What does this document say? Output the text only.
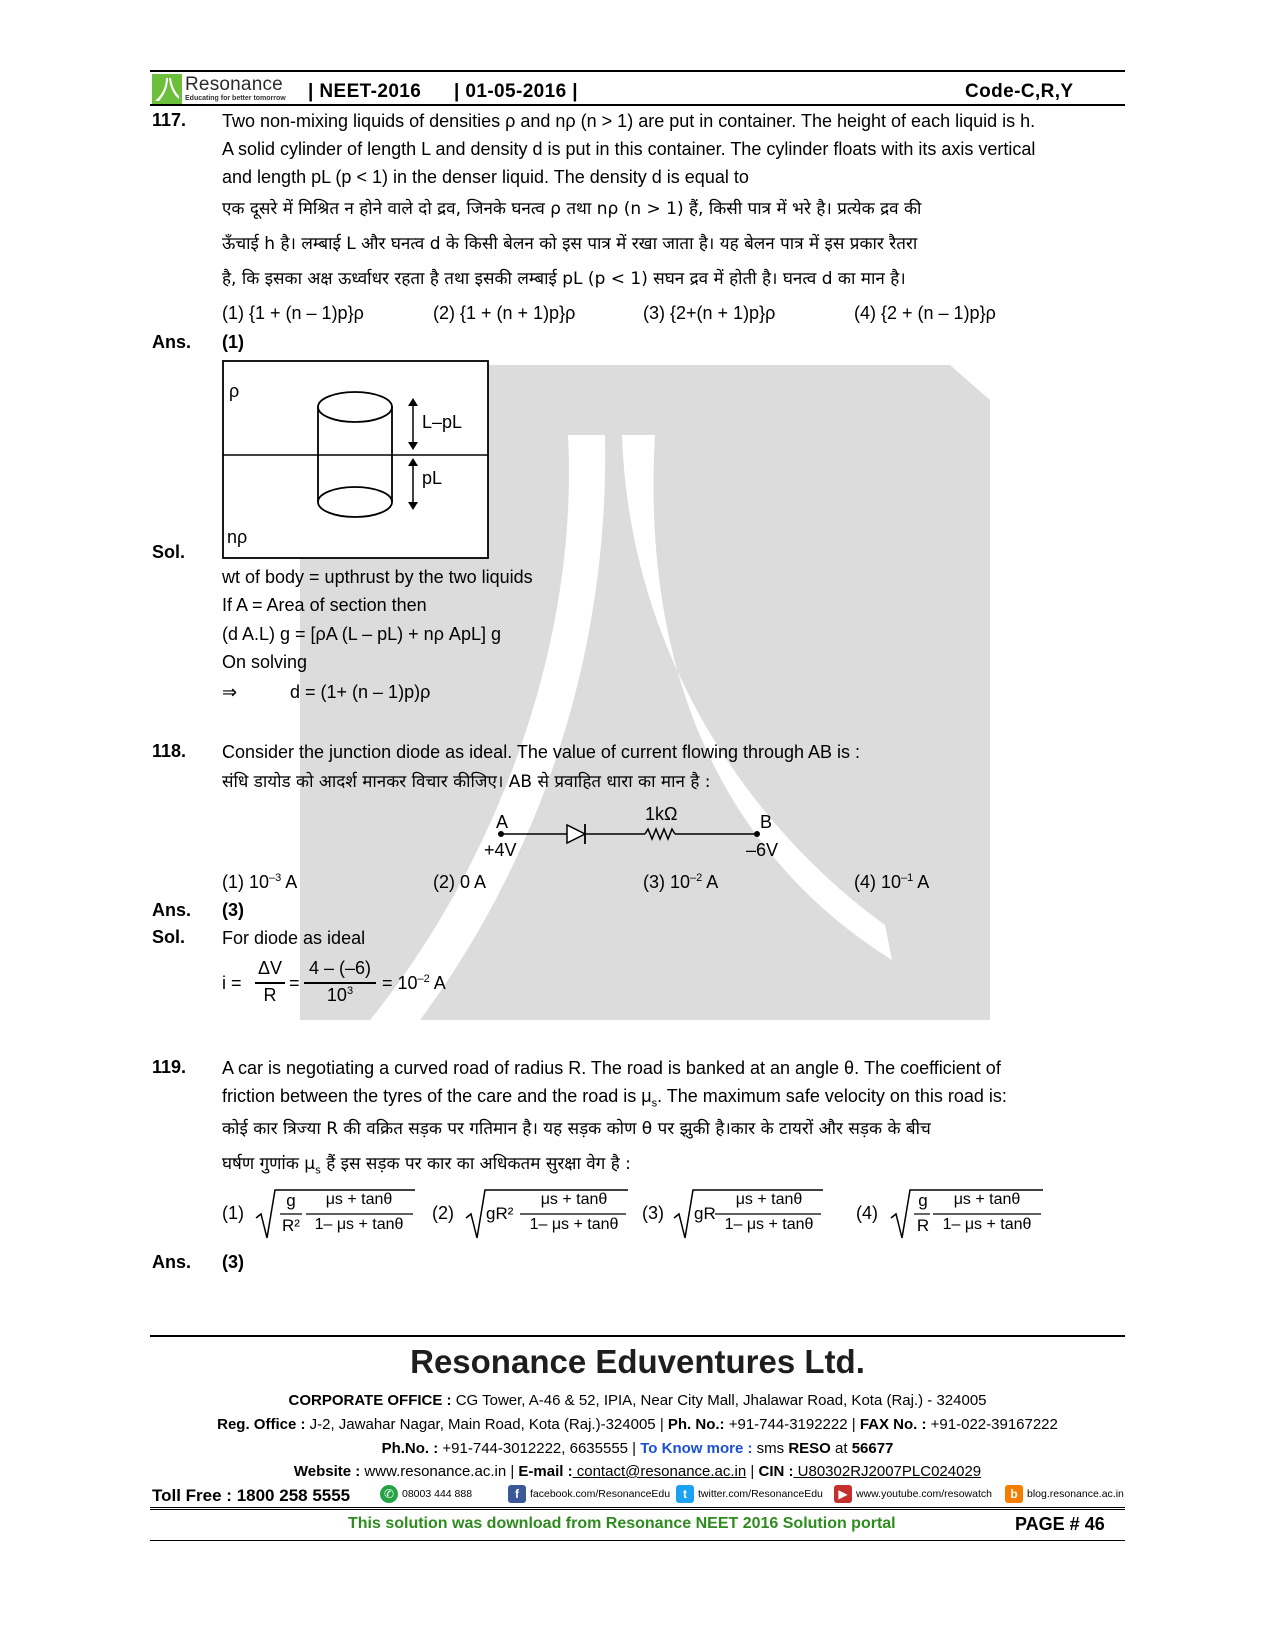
Resonance
Educating for better tomorrow | NEET-2016 | 01-05-2016 |	Code-C,R,Y
117. Two non-mixing liquids of densities ρ and nρ (n > 1) are put in container. The height of each liquid is h.
A solid cylinder of length L and density d is put in this container. The cylinder floats with its axis vertical
and length pL (p < 1) in the denser liquid. The density d is equal to
एक दूसरे में मिश्रित न होने वाले दो द्रव, जिनके घनत्व ρ तथा nρ (n > 1) हैं, किसी पात्र में भरे है। प्रत्येक द्रव की
ऊँचाई h है। लम्बाई L और घनत्व d के किसी बेलन को इस पात्र में रखा जाता है। यह बेलन पात्र में इस प्रकार रैतरा
है, कि इसका अक्ष ऊर्ध्वाधर रहता है तथा इसकी लम्बाई pL (p < 1) सघन द्रव में होती है। घनत्व d का मान है।
(1) {1 + (n – 1)p}ρ	(2) {1 + (n + 1)p}ρ	(3) {2+(n + 1)p}ρ	(4) {2 + (n – 1)p}ρ
Ans. (1)
ρ
nρ
L–pL
pL
Sol.
wt of body = upthrust by the two liquids
If A = Area of section then
(d A.L) g = [ρA (L – pL) + nρ ApL] g
On solving
⇒	d = (1+ (n – 1)p)ρ
118. Consider the junction diode as ideal. The value of current flowing through AB is :
संधि डायोड को आदर्श मानकर विचार कीजिए। AB से प्रवाहित धारा का मान है :
A	B
+4V	–6V
1kΩ
(1) $10^{-3}$ A	(2) 0 A	(3) $10^{-2}$ A	(4) $10^{-1}$ A
Ans. (3)
Sol. For diode as ideal
i =
ΔV
R
=
4 – (–6)
$10^3$	= $10^{-2}$ A
119. A car is negotiating a curved road of radius R. The road is banked at an angle θ. The coefficient of
friction between the tyres of the care and the road is $\mu_s$. The maximum safe velocity on this road is:
कोई कार त्रिज्या R की वक्रित सड़क पर गतिमान है। यह सड़क कोण θ पर झुकी है।कार के टायरों और सड़क के बीच
घर्षण गुणांक $\mu_s$ हैं इस सड़क पर कार का अधिकतम सुरक्षा वेग है :
(1)
g
R²
μs + tanθ
1– μs + tanθ
(2) gR²
μs + tanθ
1– μs + tanθ
(3) gR
μs + tanθ
1– μs + tanθ
(4)
g
R
μs + tanθ
1– μs + tanθ
Ans. (3)
Resonance Eduventures Ltd.
CORPORATE OFFICE : CG Tower, A-46 & 52, IPIA, Near City Mall, Jhalawar Road, Kota (Raj.) - 324005
Reg. Office : J-2, Jawahar Nagar, Main Road, Kota (Raj.)-324005 | Ph. No.: +91-744-3192222 | FAX No. : +91-022-39167222
Ph.No. : +91-744-3012222, 6635555 | To Know more : sms RESO at 56677
Website : www.resonance.ac.in | E-mail : contact@resonance.ac.in | CIN : U80302RJ2007PLC024029
Toll Free : 1800 258 5555	✆ 08003 444 888	f	facebook.com/ResonanceEdu	t	twitter.com/ResonanceEdu	▶ www.youtube.com/resowatch	b blog.resonance.ac.in
This solution was download from Resonance NEET 2016 Solution portal	PAGE # 46
